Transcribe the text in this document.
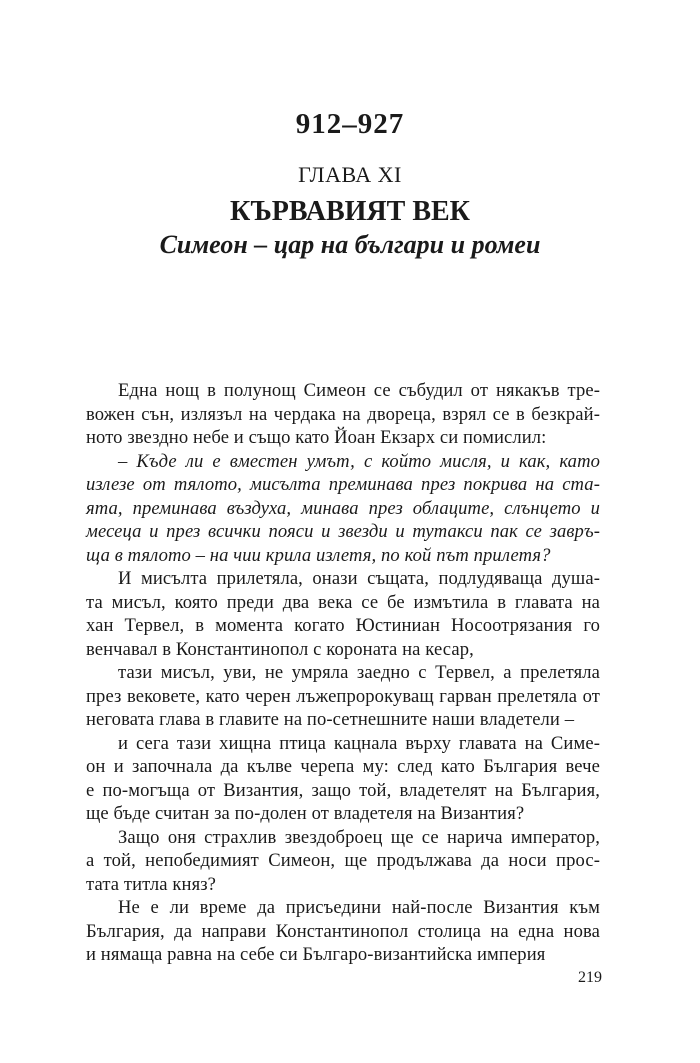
912–927
ГЛАВА XI
КЪРВАВИЯТ ВЕК
Симеон – цар на българи и ромеи
Една нощ в полунощ Симеон се събудил от някакъв тре-
вожен сън, излязъл на чердака на двореца, взрял се в безкрай-
ното звездно небе и също като Йоан Екзарх си помислил:
– Къде ли е вместен умът, с който мисля, и как, като
излезе от тялото, мисълта преминава през покрива на ста-
ята, преминава въздуха, минава през облаците, слънцето и
месеца и през всички пояси и звезди и тутакси пак се завръ-
ща в тялото – на чии крила излетя, по кой път прилетя?
И мисълта прилетяла, онази същата, подлудяваща душа-
та мисъл, която преди два века се бе измътила в главата на
хан Тервел, в момента когато Юстиниан Носоотрязания го
венчавал в Константинопол с короната на кесар,
тази мисъл, уви, не умряла заедно с Тервел, а прелетяла
през вековете, като черен лъжепророкуващ гарван прелетяла от
неговата глава в главите на по-сетнешните наши владетели –
и сега тази хищна птица кацнала върху главата на Симе-
он и започнала да кълве черепа му: след като България вече
е по-могъща от Византия, защо той, владетелят на България,
ще бъде считан за по-долен от владетеля на Византия?
Защо оня страхлив звездоброец ще се нарича император,
а той, непобедимият Симеон, ще продължава да носи прос-
тата титла княз?
Не е ли време да присъедини най-после Византия към
България, да направи Константинопол столица на една нова
и нямаща равна на себе си Българо-византийска империя
219
